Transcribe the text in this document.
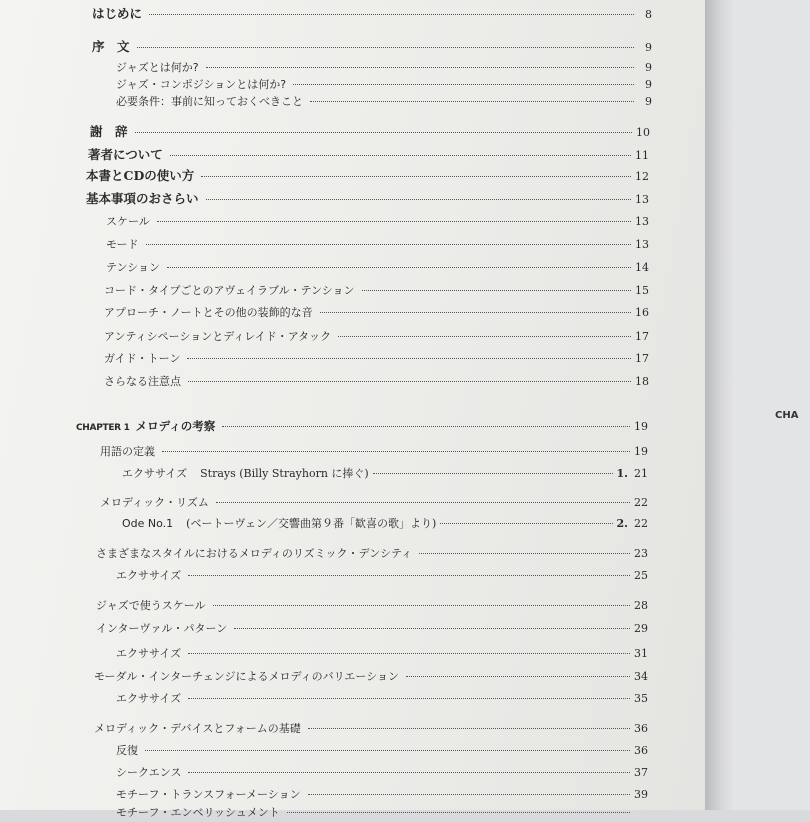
はじめに	8
序　文	9
ジャズとは何か?	9
ジャズ・コンポジションとは何か?	9
必要条件：事前に知っておくべきこと	9
謝　辞	10
著者について	11
本書とCDの使い方	12
基本事項のおさらい	13
スケール	13
モード	13
テンション	14
コード・タイプごとのアヴェイラブル・テンション	15
アプローチ・ノートとその他の装飾的な音	16
アンティシペーションとディレイド・アタック	17
ガイド・トーン	17
さらなる注意点	18
CHAPTER 1 メロディの考察	19
用語の定義	19
エクササイズ Strays (Billy Strayhorn に捧ぐ)	1. 21
メロディック・リズム	22
Ode No.1 (ベートーヴェン／交響曲第９番「歓喜の歌」より)	2. 22
さまざまなスタイルにおけるメロディのリズミック・デンシティ	23
エクササイズ	25
ジャズで使うスケール	28
インターヴァル・パターン	29
エクササイズ	31
モーダル・インターチェンジによるメロディのバリエーション	34
エクササイズ	35
メロディック・デバイスとフォームの基礎	36
反復	36
シークエンス	37
モチーフ・トランスフォーメーション	39
モチーフ・エンベリッシュメント
CHA
